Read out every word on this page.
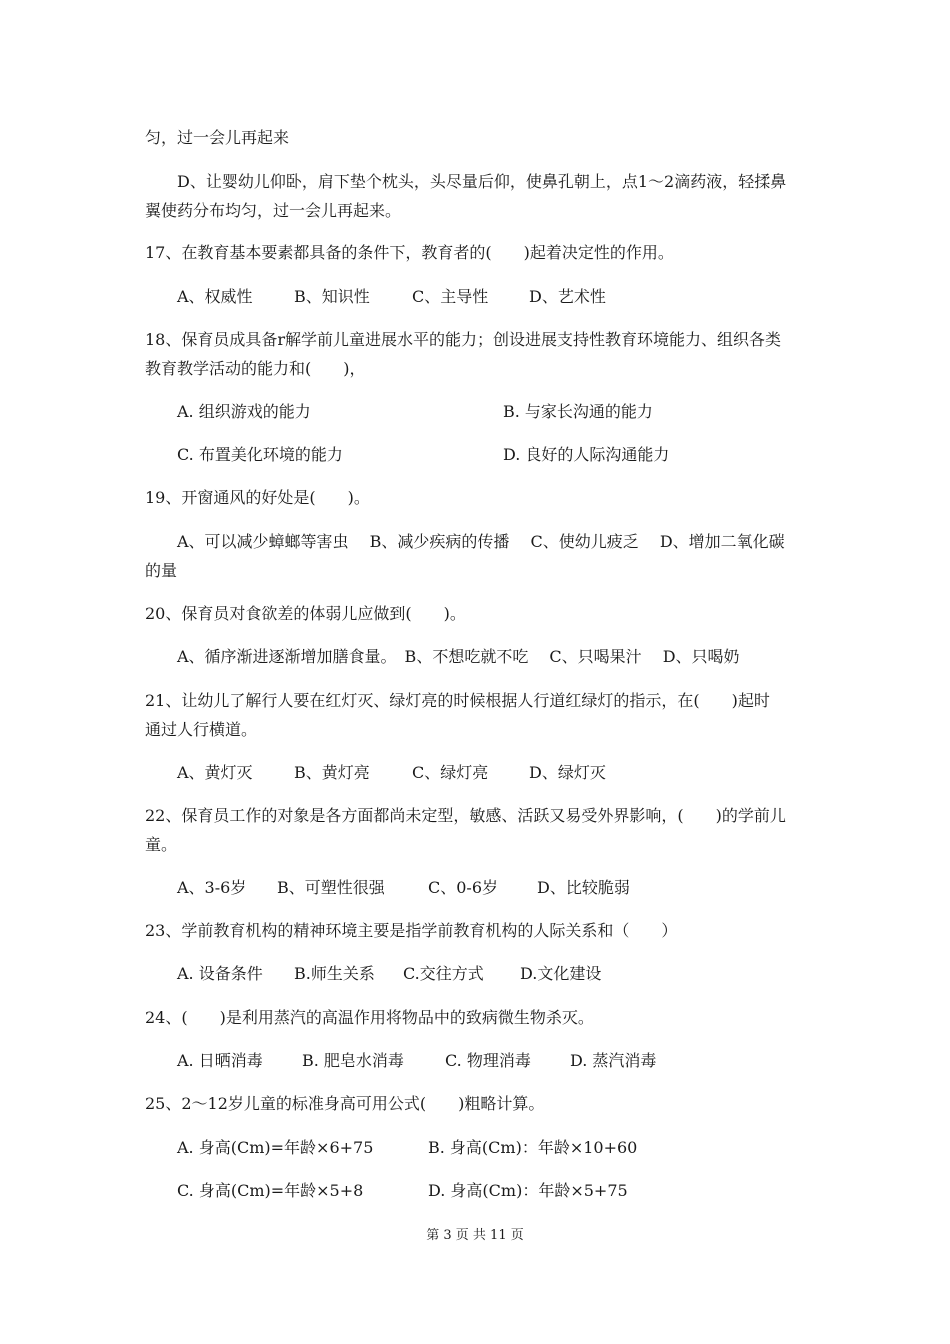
匀，过一会儿再起来
D、让婴幼儿仰卧，肩下垫个枕头，头尽量后仰，使鼻孔朝上，点1～2滴药液，轻揉鼻
翼使药分布均匀，过一会儿再起来。
17、在教育基本要素都具备的条件下，教育者的(　　)起着决定性的作用。
A、权威性	B、知识性	C、主导性	D、艺术性
18、保育员成具备r解学前儿童进展水平的能力；创设进展支持性教育环境能力、组织各类
教育教学活动的能力和(　　)，
A. 组织游戏的能力	B. 与家长沟通的能力
C. 布置美化环境的能力	D. 良好的人际沟通能力
19、开窗通风的好处是(　　)。
A、可以减少蟑螂等害虫　 B、减少疾病的传播　 C、使幼儿疲乏　 D、增加二氧化碳
的量
20、保育员对食欲差的体弱儿应做到(　　)。
A、循序渐进逐渐增加膳食量。　B、不想吃就不吃　 C、只喝果汁　 D、只喝奶
21、让幼儿了解行人要在红灯灭、绿灯亮的时候根据人行道红绿灯的指示，在(　　)起时
通过人行横道。
A、黄灯灭	B、黄灯亮	C、绿灯亮	D、绿灯灭
22、保育员工作的对象是各方面都尚未定型，敏感、活跃又易受外界影响，(　　)的学前儿
童。
A、3-6岁 B、可塑性很强	C、0-6岁 D、比较脆弱
23、学前教育机构的精神环境主要是指学前教育机构的人际关系和（　　）
A. 设备条件 B.师生关系 C.交往方式 D.文化建设
24、(　　)是利用蒸汽的高温作用将物品中的致病微生物杀灭。
A. 日晒消毒 B. 肥皂水消毒	C. 物理消毒 D. 蒸汽消毒
25、2～12岁儿童的标准身高可用公式(　　)粗略计算。
A. 身高(Cm)=年龄×6+75	B. 身高(Cm)：年龄×10+60
C. 身高(Cm)=年龄×5+8	D. 身高(Cm)：年龄×5+75
第 3 页 共 11 页
